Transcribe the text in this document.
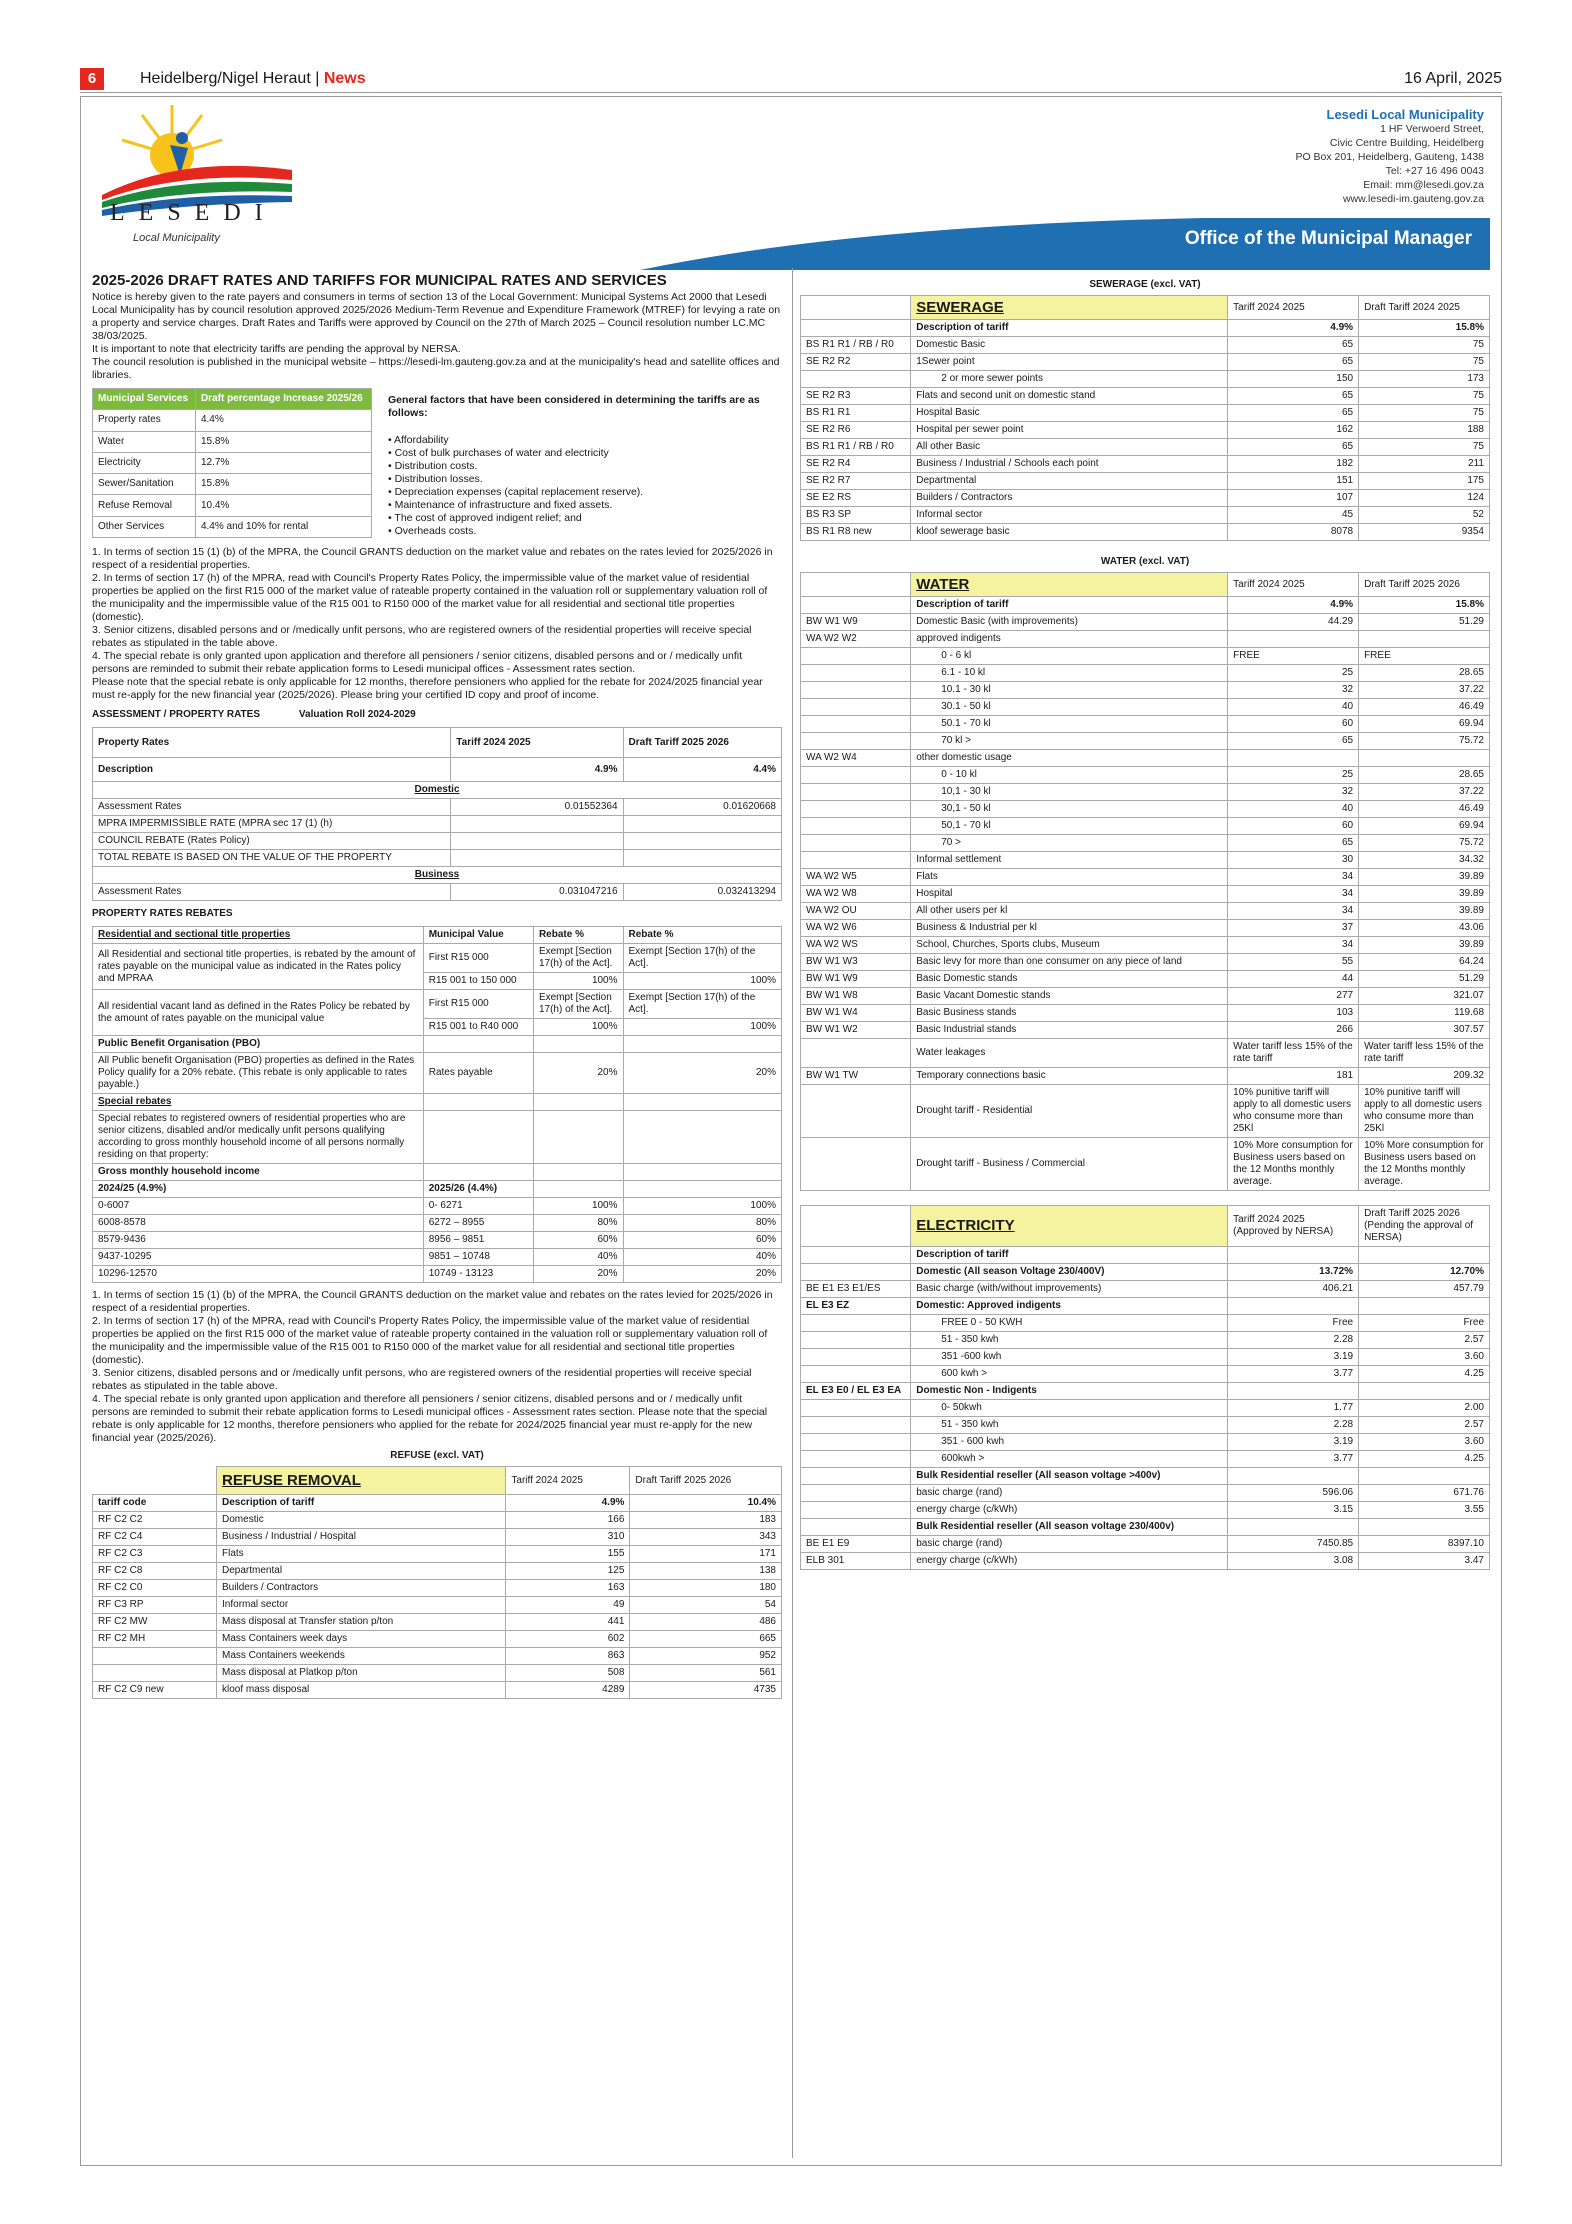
6	Heidelberg/Nigel Heraut | News	16 April, 2025
LESEDI
Local Municipality
Lesedi Local Municipality
1 HF Verwoerd Street,
Civic Centre Building, Heidelberg
PO Box 201, Heidelberg, Gauteng, 1438
Tel: +27 16 496 0043
Email: mm@lesedi.gov.za
www.lesedi-im.gauteng.gov.za
Office of the Municipal Manager
2025-2026 DRAFT RATES AND TARIFFS FOR MUNICIPAL RATES AND SERVICES

Notice is hereby given to the rate payers and consumers in terms of section 13 of the Local Government: Municipal Systems Act 2000 that Lesedi Local Municipality has by council resolution approved 2025/2026 Medium-Term Revenue and Expenditure Framework (MTREF) for levying a rate on a property and service charges. Draft Rates and Tariffs were approved by Council on the 27th of March 2025 – Council resolution number LC.MC 38/03/2025.

It is important to note that electricity tariffs are pending the approval by NERSA.

The council resolution is published in the municipal website – https://lesedi-lm.gauteng.gov.za and at the municipality's head and satellite offices and libraries.

Municipal Services	Draft percentage Increase 2025/26
Property rates	4.4%
Water	15.8%
Electricity	12.7%
Sewer/Sanitation	15.8%
Refuse Removal	10.4%
Other Services	4.4% and 10% for rental
General factors that have been considered in determining the tariffs are as follows:
• Affordability
• Cost of bulk purchases of water and electricity
• Distribution costs.
• Distribution losses.
• Depreciation expenses (capital replacement reserve).
• Maintenance of infrastructure and fixed assets.
• The cost of approved indigent relief; and
• Overheads costs.

1. In terms of section 15 (1) (b) of the MPRA, the Council GRANTS deduction on the market value and rebates on the rates levied for 2025/2026 in respect of a residential properties.

2. In terms of section 17 (h) of the MPRA, read with Council's Property Rates Policy, the impermissible value of the market value of residential properties be applied on the first R15 000 of the market value of rateable property contained in the valuation roll or supplementary valuation roll of the municipality and the impermissible value of the R15 001 to R150 000 of the market value for all residential and sectional title properties (domestic).

3. Senior citizens, disabled persons and or /medically unfit persons, who are registered owners of the residential properties will receive special rebates as stipulated in the table above.

4. The special rebate is only granted upon application and therefore all pensioners / senior citizens, disabled persons and or / medically unfit persons are reminded to submit their rebate application forms to Lesedi municipal offices - Assessment rates section.

Please note that the special rebate is only applicable for 12 months, therefore pensioners who applied for the rebate for 2024/2025 financial year must re-apply for the new financial year (2025/2026). Please bring your certified ID copy and proof of income.

ASSESSMENT / PROPERTY RATES	Valuation Roll 2024-2029
Property Rates	Tariff 2024 2025	Draft Tariff 2025 2026
Description	4.9%	4.4%
Domestic		
Assessment Rates	0.01552364	0.01620668
MPRA IMPERMISSIBLE RATE (MPRA sec 17 (1) (h)		
COUNCIL REBATE (Rates Policy)		
TOTAL REBATE IS BASED ON THE VALUE OF THE PROPERTY		
Business		
Assessment Rates	0.031047216	0.032413294
PROPERTY RATES REBATES
Residential and sectional title properties	Municipal Value	Rebate %	Rebate %
All Residential and sectional title properties, is rebated by the amount of rates payable on the municipal value as indicated in the Rates policy and MPRAA	First R15 000	Exempt [Section 17(h) of the Act].	Exempt [Section 17(h) of the Act].
	R15 001 to 150 000	100%	100%
All residential vacant land as defined in the Rates Policy be rebated by the amount of rates payable on the municipal value	First R15 000	Exempt [Section 17(h) of the Act].	Exempt [Section 17(h) of the Act].
	R15 001 to R40 000	100%	100%
Public Benefit Organisation (PBO)			
All Public benefit Organisation (PBO) properties as defined in the Rates Policy qualify for a 20% rebate. (This rebate is only applicable to rates payable.)	Rates payable	20%	20%
Special rebates			
Special rebates to registered owners of residential properties who are senior citizens, disabled and/or medically unfit persons qualifying according to gross monthly household income of all persons normally residing on that property:			
Gross monthly household income			
2024/25 (4.9%)	2025/26 (4.4%)		
0-6007	0- 6271	100%	100%
6008-8578	6272 – 8955	80%	80%
8579-9436	8956 – 9851	60%	60%
9437-10295	9851 – 10748	40%	40%
10296-12570	10749 - 13123	20%	20%

1. In terms of section 15 (1) (b) of the MPRA, the Council GRANTS deduction on the market value and rebates on the rates levied for 2025/2026 in respect of a residential properties.

2. In terms of section 17 (h) of the MPRA, read with Council's Property Rates Policy, the impermissible value of the market value of residential properties be applied on the first R15 000 of the market value of rateable property contained in the valuation roll or supplementary valuation roll of the municipality and the impermissible value of the R15 001 to R150 000 of the market value for all residential and sectional title properties (domestic).

3. Senior citizens, disabled persons and or /medically unfit persons, who are registered owners of the residential properties will receive special rebates as stipulated in the table above.

4. The special rebate is only granted upon application and therefore all pensioners / senior citizens, disabled persons and or / medically unfit persons are reminded to submit their rebate application forms to Lesedi municipal offices - Assessment rates section. Please note that the special rebate is only applicable for 12 months, therefore pensioners who applied for the rebate for 2024/2025 financial year must re-apply for the new financial year (2025/2026).

REFUSE (excl. VAT)
	REFUSE REMOVAL	Tariff 2024 2025	Draft Tariff 2025 2026
tariff code	Description of tariff	4.9%	10.4%
RF C2 C2	Domestic	166	183
RF C2 C4	Business / Industrial / Hospital	310	343
RF C2 C3	Flats	155	171
RF C2 C8	Departmental	125	138
RF C2 C0	Builders / Contractors	163	180
RF C3 RP	Informal sector	49	54
RF C2 MW	Mass disposal at Transfer station p/ton	441	486
RF C2 MH	Mass Containers week days	602	665
	Mass Containers weekends	863	952
	Mass disposal at Platkop p/ton	508	561
RF C2 C9 new	kloof mass disposal	4289	4735
SEWERAGE (excl. VAT)
	SEWERAGE	Tariff 2024 2025	Draft Tariff 2024 2025
	Description of tariff	4.9%	15.8%
BS R1 R1 / RB / R0	Domestic Basic	65	75
SE R2 R2	1Sewer point	65	75
	2 or more sewer points	150	173
SE R2 R3	Flats and second unit on domestic stand	65	75
BS R1 R1	Hospital Basic	65	75
SE R2 R6	Hospital per sewer point	162	188
BS R1 R1 / RB / R0	All other Basic	65	75
SE R2 R4	Business / Industrial / Schools each point	182	211
SE R2 R7	Departmental	151	175
SE E2 RS	Builders / Contractors	107	124
BS R3 SP	Informal sector	45	52
BS R1 R8 new	kloof sewerage basic	8078	9354
WATER (excl. VAT)
	WATER	Tariff 2024 2025	Draft Tariff 2025 2026
	Description of tariff	4.9%	15.8%
BW W1 W9	Domestic Basic (with improvements)	44.29	51.29
WA W2 W2	approved indigents		
	0 - 6 kl	FREE	FREE
	6.1 - 10 kl	25	28.65
	10.1 - 30 kl	32	37.22
	30.1 - 50 kl	40	46.49
	50.1 - 70 kl	60	69.94
	70 kl >	65	75.72
WA W2 W4	other domestic usage		
	0 - 10 kl	25	28.65
	10,1 - 30 kl	32	37.22
	30,1 - 50 kl	40	46.49
	50,1 - 70 kl	60	69.94
	70 >	65	75.72
	Informal settlement	30	34.32
WA W2 W5	Flats	34	39.89
WA W2 W8	Hospital	34	39.89
WA W2 OU	All other users per kl	34	39.89
WA W2 W6	Business & Industrial per kl	37	43.06
WA W2 WS	School, Churches, Sports clubs, Museum	34	39.89
BW W1 W3	Basic levy for more than one consumer on any piece of land	55	64.24
BW W1 W9	Basic Domestic stands	44	51.29
BW W1 W8	Basic Vacant Domestic stands	277	321.07
BW W1 W4	Basic Business stands	103	119.68
BW W1 W2	Basic Industrial stands	266	307.57
	Water leakages	Water tariff less 15% of the rate tariff	Water tariff less 15% of the rate tariff
BW W1 TW	Temporary connections basic	181	209.32
	Drought tariff - Residential	10% punitive tariff will apply to all domestic users who consume more than 25Kl	10% punitive tariff will apply to all domestic users who consume more than 25Kl
	Drought tariff - Business / Commercial	10% More consumption for Business users based on the 12 Months monthly average.	10% More consumption for Business users based on the 12 Months monthly average.
	ELECTRICITY	Tariff 2024 2025 (Approved by NERSA)	Draft Tariff 2025 2026 (Pending the approval of NERSA)
	Description of tariff		
	Domestic (All season Voltage 230/400V)	13.72%	12.70%
BE E1 E3 E1/ES	Basic charge (with/without improvements)	406.21	457.79
EL E3 EZ	Domestic: Approved indigents		
	FREE 0 - 50 KWH	Free	Free
	51 - 350 kwh	2.28	2.57
	351 -600 kwh	3.19	3.60
	600 kwh >	3.77	4.25
EL E3 E0 / EL E3 EA	Domestic Non - Indigents		
	0- 50kwh	1.77	2.00
	51 - 350 kwh	2.28	2.57
	351 - 600 kwh	3.19	3.60
	600kwh >	3.77	4.25
	Bulk Residential reseller (All season voltage >400v)		
	basic charge (rand)	596.06	671.76
	energy charge (c/kWh)	3.15	3.55
	Bulk Residential reseller (All season voltage 230/400v)		
BE E1 E9	basic charge (rand)	7450.85	8397.10
ELB 301	energy charge (c/kWh)	3.08	3.47
